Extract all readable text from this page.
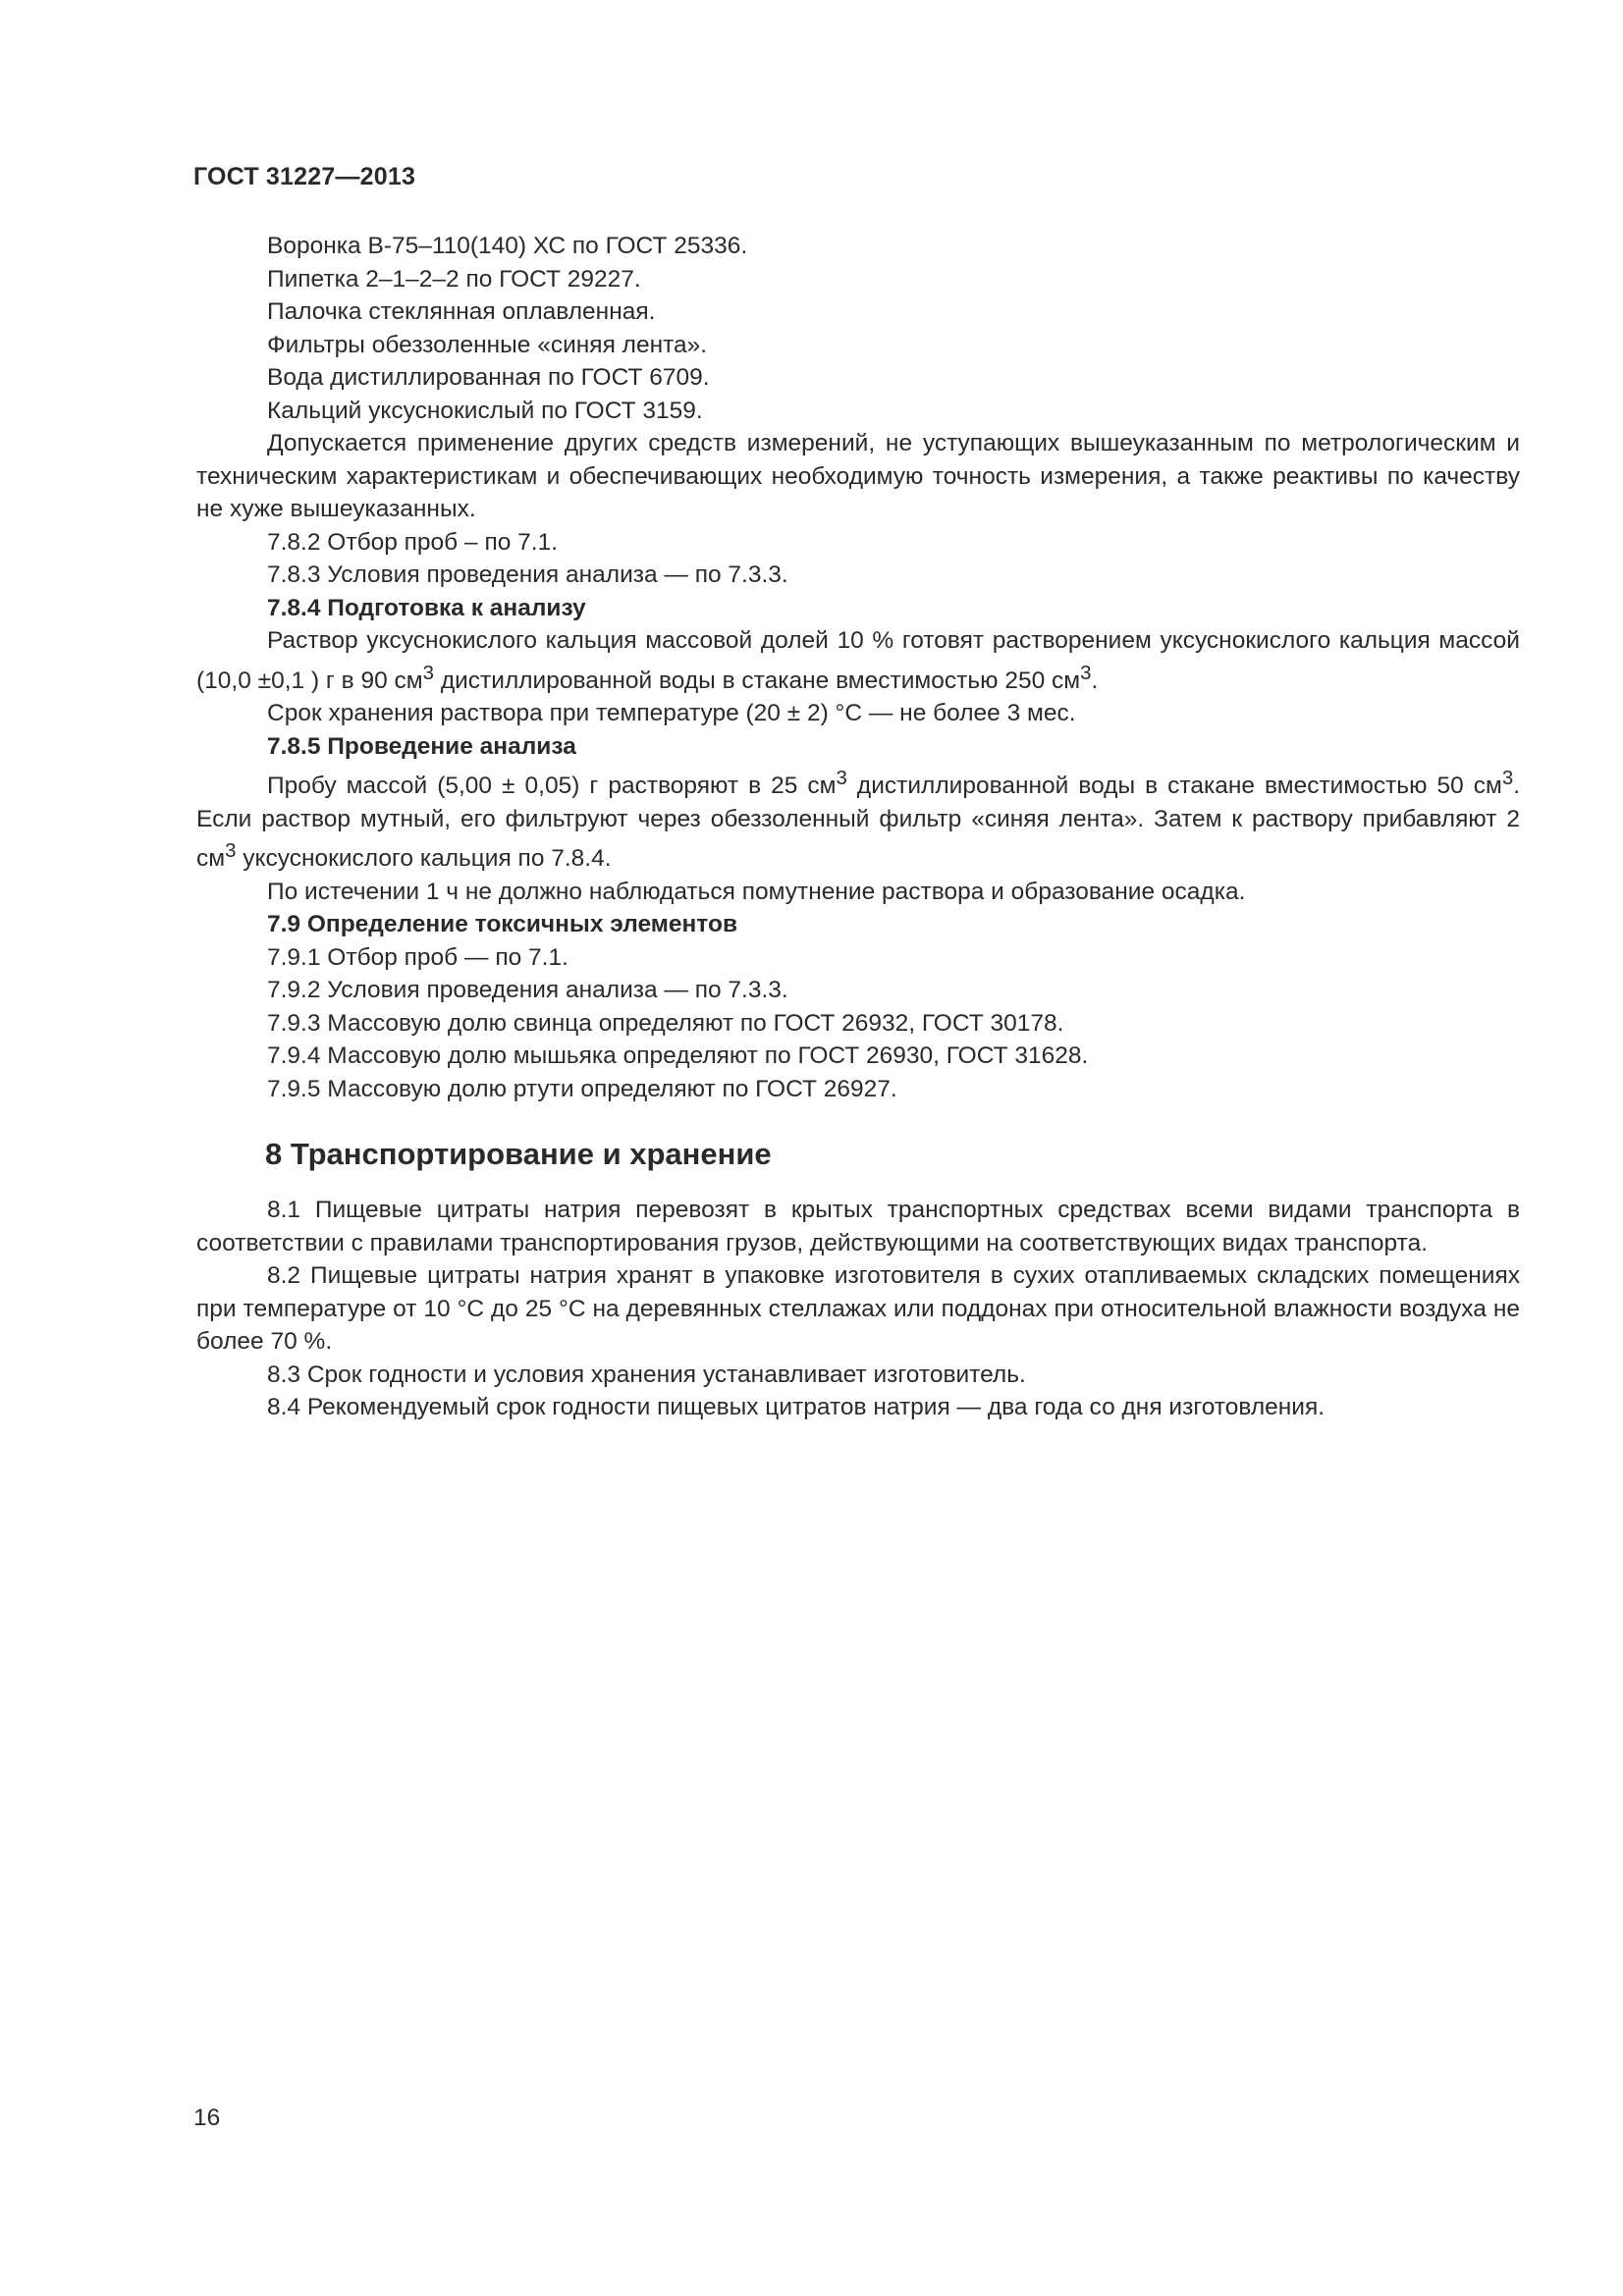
ГОСТ 31227—2013

Воронка В-75–110(140) ХС по ГОСТ 25336.

Пипетка 2–1–2–2 по ГОСТ 29227.

Палочка стеклянная оплавленная.

Фильтры обеззоленные «синяя лента».

Вода дистиллированная по ГОСТ 6709.

Кальций уксуснокислый по ГОСТ 3159.

Допускается применение других средств измерений, не уступающих вышеуказанным по метрологическим и техническим характеристикам и обеспечивающих необходимую точность измерения, а также реактивы по качеству не хуже вышеуказанных.

7.8.2 Отбор проб – по 7.1.

7.8.3 Условия проведения анализа — по 7.3.3.

7.8.4 Подготовка к анализу

Раствор уксуснокислого кальция массовой долей 10 % готовят растворением уксуснокислого кальция массой (10,0 ±0,1 ) г в 90 $см^3$ дистиллированной воды в стакане вместимостью 250 $см^3$.

Срок хранения раствора при температуре (20 ± 2) °С — не более 3 мес.

7.8.5 Проведение анализа

Пробу массой (5,00 ± 0,05) г растворяют в 25 $см^3$ дистиллированной воды в стакане вместимостью 50 $см^3$. Если раствор мутный, его фильтруют через обеззоленный фильтр «синяя лента». Затем к раствору прибавляют 2 $см^3$ уксуснокислого кальция по 7.8.4.

По истечении 1 ч не должно наблюдаться помутнение раствора и образование осадка.

7.9 Определение токсичных элементов

7.9.1 Отбор проб — по 7.1.

7.9.2 Условия проведения анализа — по 7.3.3.

7.9.3 Массовую долю свинца определяют по ГОСТ 26932, ГОСТ 30178.

7.9.4 Массовую долю мышьяка определяют по ГОСТ 26930, ГОСТ 31628.

7.9.5 Массовую долю ртути определяют по ГОСТ 26927.

8 Транспортирование и хранение

8.1 Пищевые цитраты натрия перевозят в крытых транспортных средствах всеми видами транспорта в соответствии с правилами транспортирования грузов, действующими на соответствующих видах транспорта.

8.2 Пищевые цитраты натрия хранят в упаковке изготовителя в сухих отапливаемых складских помещениях при температуре от 10 °С до 25 °С на деревянных стеллажах или поддонах при относительной влажности воздуха не более 70 %.

8.3 Срок годности и условия хранения устанавливает изготовитель.

8.4 Рекомендуемый срок годности пищевых цитратов натрия — два года со дня изготовления.

16
